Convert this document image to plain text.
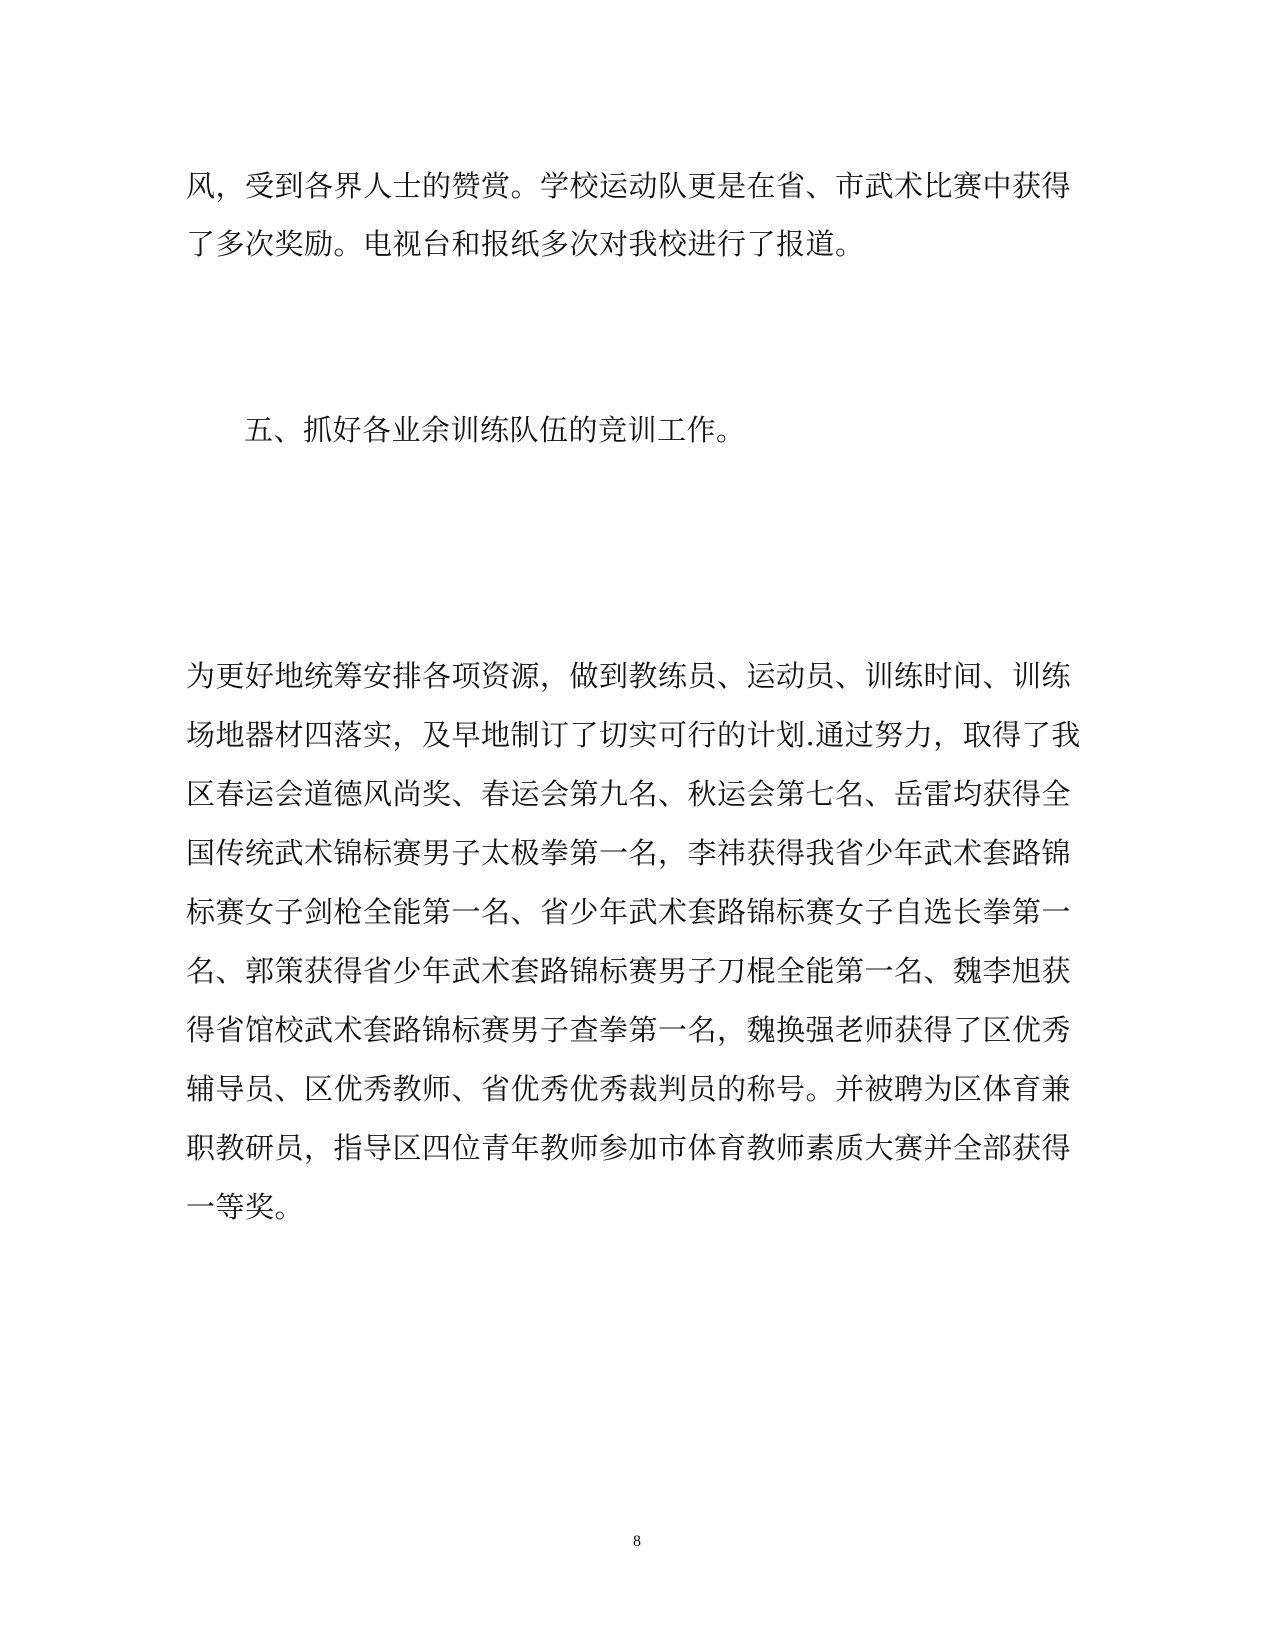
风，受到各界人士的赞赏。学校运动队更是在省、市武术比赛中获得
了多次奖励。电视台和报纸多次对我校进行了报道。
五、抓好各业余训练队伍的竞训工作。
为更好地统筹安排各项资源，做到教练员、运动员、训练时间、训练
场地器材四落实，及早地制订了切实可行的计划.通过努力，取得了我
区春运会道德风尚奖、春运会第九名、秋运会第七名、岳雷均获得全
国传统武术锦标赛男子太极拳第一名，李祎获得我省少年武术套路锦
标赛女子剑枪全能第一名、省少年武术套路锦标赛女子自选长拳第一
名、郭策获得省少年武术套路锦标赛男子刀棍全能第一名、魏李旭获
得省馆校武术套路锦标赛男子查拳第一名，魏换强老师获得了区优秀
辅导员、区优秀教师、省优秀优秀裁判员的称号。并被聘为区体育兼
职教研员，指导区四位青年教师参加市体育教师素质大赛并全部获得
一等奖。
8
